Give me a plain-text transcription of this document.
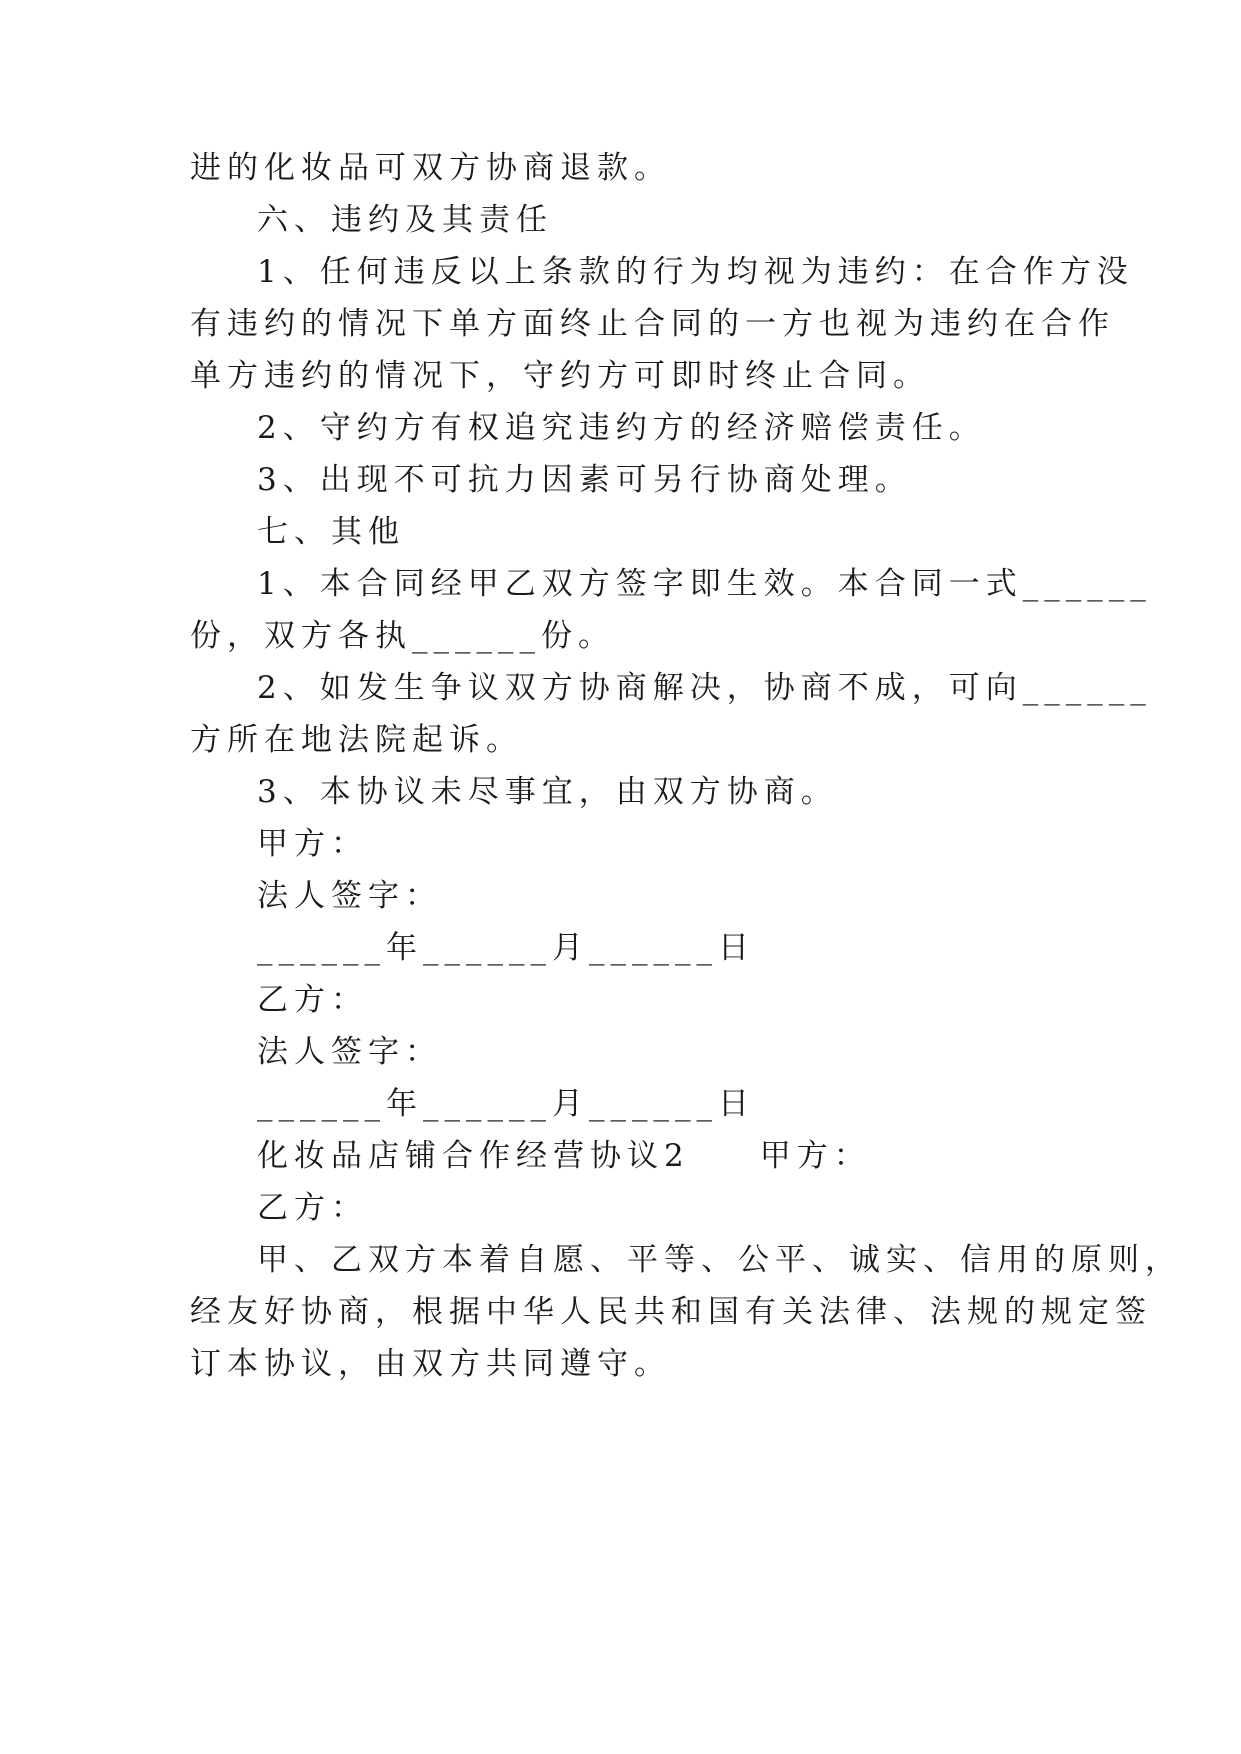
进的化妆品可双方协商退款。
六、违约及其责任
1、任何违反以上条款的行为均视为违约：在合作方没
有违约的情况下单方面终止合同的一方也视为违约在合作
单方违约的情况下，守约方可即时终止合同。
2、守约方有权追究违约方的经济赔偿责任。
3、出现不可抗力因素可另行协商处理。
七、其他
1、本合同经甲乙双方签字即生效。本合同一式______
份，双方各执______份。
2、如发生争议双方协商解决，协商不成，可向______
方所在地法院起诉。
3、本协议未尽事宜，由双方协商。
甲方：
法人签字：
______年______月______日
乙方：
法人签字：
______年______月______日
化妆品店铺合作经营协议2 甲方：
乙方：
甲、乙双方本着自愿、平等、公平、诚实、信用的原则，
经友好协商，根据中华人民共和国有关法律、法规的规定签
订本协议，由双方共同遵守。
